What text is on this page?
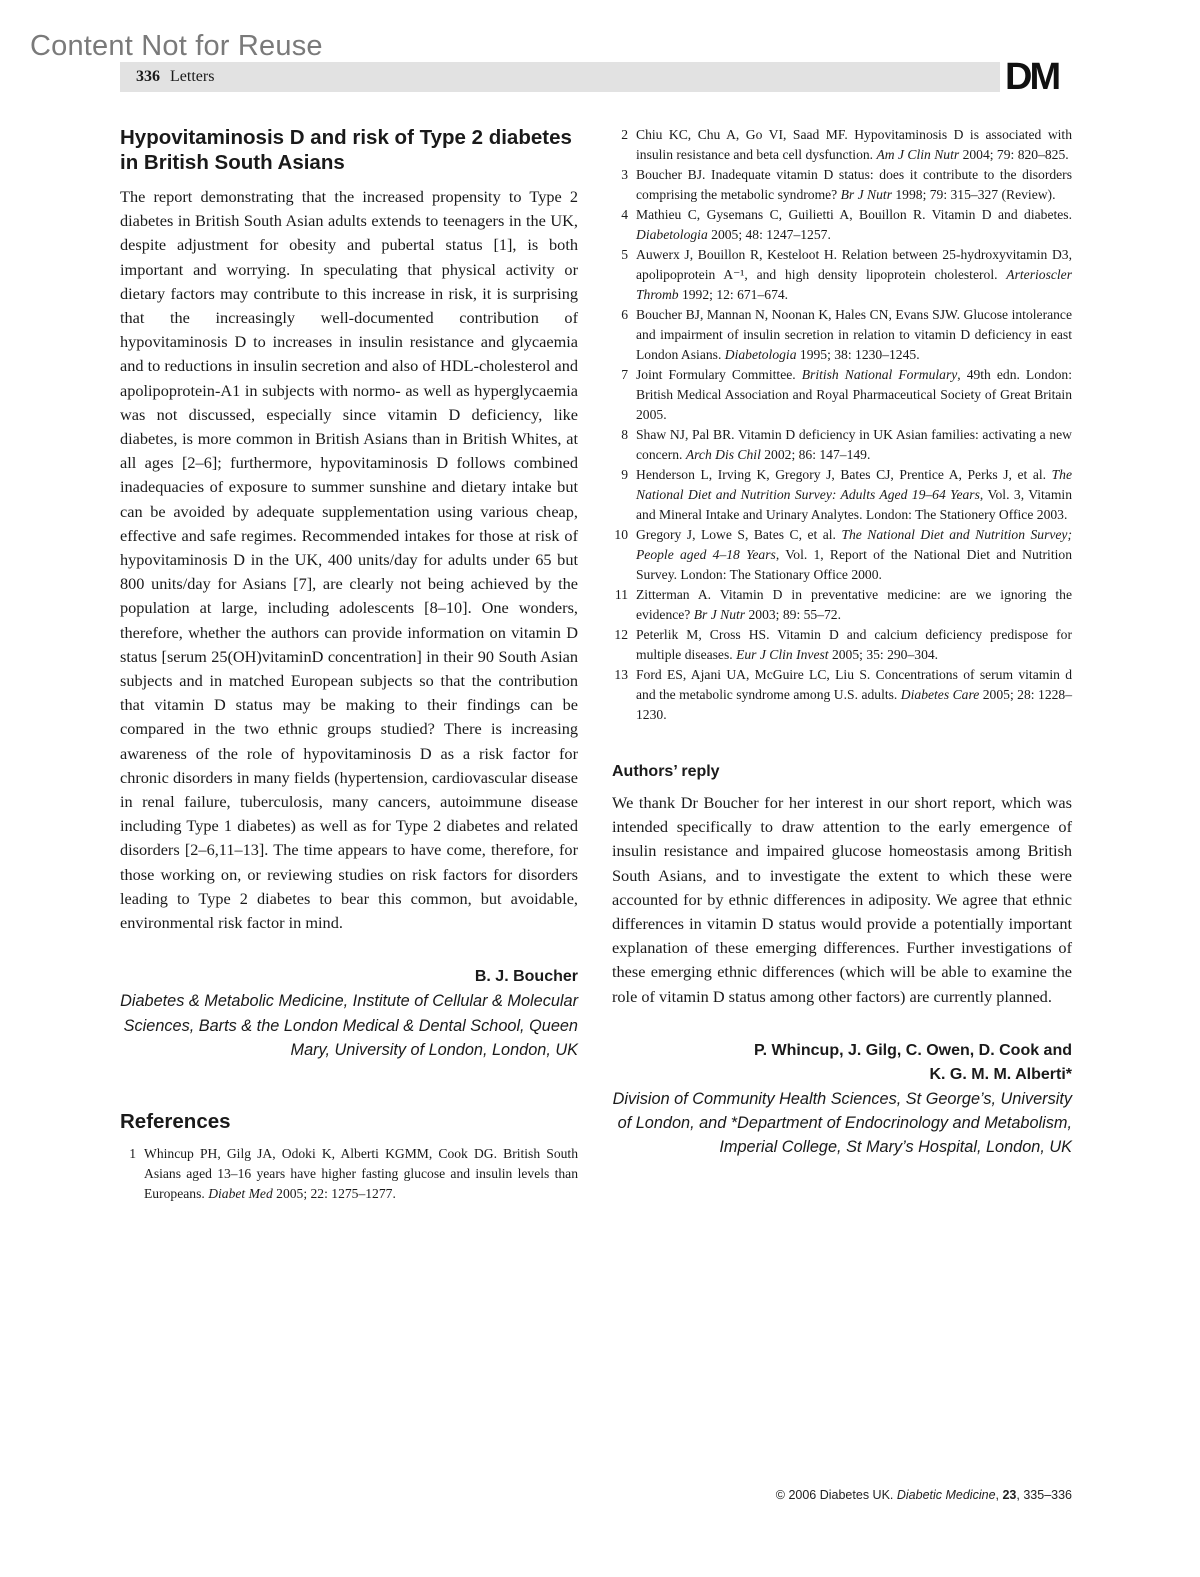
Content Not for Reuse
336 Letters	DM
Hypovitaminosis D and risk of Type 2 diabetes in British South Asians

The report demonstrating that the increased propensity to Type 2 diabetes in British South Asian adults extends to teenagers in the UK, despite adjustment for obesity and pubertal status [1], is both important and worrying. In speculating that physical activity or dietary factors may contribute to this increase in risk, it is surprising that the increasingly well-documented contribution of hypovitaminosis D to increases in insulin resistance and glycaemia and to reductions in insulin secretion and also of HDL-cholesterol and apolipoprotein-A1 in subjects with normo- as well as hyperglycaemia was not discussed, especially since vitamin D deficiency, like diabetes, is more common in British Asians than in British Whites, at all ages [2–6]; furthermore, hypovitaminosis D follows combined inadequacies of exposure to summer sunshine and dietary intake but can be avoided by adequate supplementation using various cheap, effective and safe regimes. Recommended intakes for those at risk of hypovitaminosis D in the UK, 400 units/day for adults under 65 but 800 units/day for Asians [7], are clearly not being achieved by the population at large, including adolescents [8–10]. One wonders, therefore, whether the authors can provide information on vitamin D status [serum 25(OH)vitaminD concentration] in their 90 South Asian subjects and in matched European subjects so that the contribution that vitamin D status may be making to their findings can be compared in the two ethnic groups studied? There is increasing awareness of the role of hypovitaminosis D as a risk factor for chronic disorders in many fields (hypertension, cardiovascular disease in renal failure, tuberculosis, many cancers, autoimmune disease including Type 1 diabetes) as well as for Type 2 diabetes and related disorders [2–6,11–13]. The time appears to have come, therefore, for those working on, or reviewing studies on risk factors for disorders leading to Type 2 diabetes to bear this common, but avoidable, environmental risk factor in mind.

B. J. Boucher
Diabetes & Metabolic Medicine, Institute of Cellular & Molecular Sciences, Barts & the London Medical & Dental School, Queen Mary, University of London, London, UK
References
1 Whincup PH, Gilg JA, Odoki K, Alberti KGMM, Cook DG. British South Asians aged 13–16 years have higher fasting glucose and insulin levels than Europeans. Diabet Med 2005; 22: 1275–1277.
2 Chiu KC, Chu A, Go VI, Saad MF. Hypovitaminosis D is associated with insulin resistance and beta cell dysfunction. Am J Clin Nutr 2004; 79: 820–825.
3 Boucher BJ. Inadequate vitamin D status: does it contribute to the disorders comprising the metabolic syndrome? Br J Nutr 1998; 79: 315–327 (Review).
4 Mathieu C, Gysemans C, Guilietti A, Bouillon R. Vitamin D and diabetes. Diabetologia 2005; 48: 1247–1257.
5 Auwerx J, Bouillon R, Kesteloot H. Relation between 25-hydroxyvitamin D3, apolipoprotein A⁻¹, and high density lipoprotein cholesterol. Arterioscler Thromb 1992; 12: 671–674.
6 Boucher BJ, Mannan N, Noonan K, Hales CN, Evans SJW. Glucose intolerance and impairment of insulin secretion in relation to vitamin D deficiency in east London Asians. Diabetologia 1995; 38: 1230–1245.
7 Joint Formulary Committee. British National Formulary, 49th edn. London: British Medical Association and Royal Pharmaceutical Society of Great Britain 2005.
8 Shaw NJ, Pal BR. Vitamin D deficiency in UK Asian families: activating a new concern. Arch Dis Chil 2002; 86: 147–149.
9 Henderson L, Irving K, Gregory J, Bates CJ, Prentice A, Perks J, et al. The National Diet and Nutrition Survey: Adults Aged 19–64 Years, Vol. 3, Vitamin and Mineral Intake and Urinary Analytes. London: The Stationery Office 2003.
10 Gregory J, Lowe S, Bates C, et al. The National Diet and Nutrition Survey; People aged 4–18 Years, Vol. 1, Report of the National Diet and Nutrition Survey. London: The Stationary Office 2000.
11 Zitterman A. Vitamin D in preventative medicine: are we ignoring the evidence? Br J Nutr 2003; 89: 55–72.
12 Peterlik M, Cross HS. Vitamin D and calcium deficiency predispose for multiple diseases. Eur J Clin Invest 2005; 35: 290–304.
13 Ford ES, Ajani UA, McGuire LC, Liu S. Concentrations of serum vitamin d and the metabolic syndrome among U.S. adults. Diabetes Care 2005; 28: 1228–1230.
Authors’ reply

We thank Dr Boucher for her interest in our short report, which was intended specifically to draw attention to the early emergence of insulin resistance and impaired glucose homeostasis among British South Asians, and to investigate the extent to which these were accounted for by ethnic differences in adiposity. We agree that ethnic differences in vitamin D status would provide a potentially important explanation of these emerging differences. Further investigations of these emerging ethnic differences (which will be able to examine the role of vitamin D status among other factors) are currently planned.

P. Whincup, J. Gilg, C. Owen, D. Cook and
K. G. M. M. Alberti*
Division of Community Health Sciences, St George’s, University of London, and *Department of Endocrinology and Metabolism, Imperial College, St Mary’s Hospital, London, UK
© 2006 Diabetes UK. Diabetic Medicine, 23, 335–336
